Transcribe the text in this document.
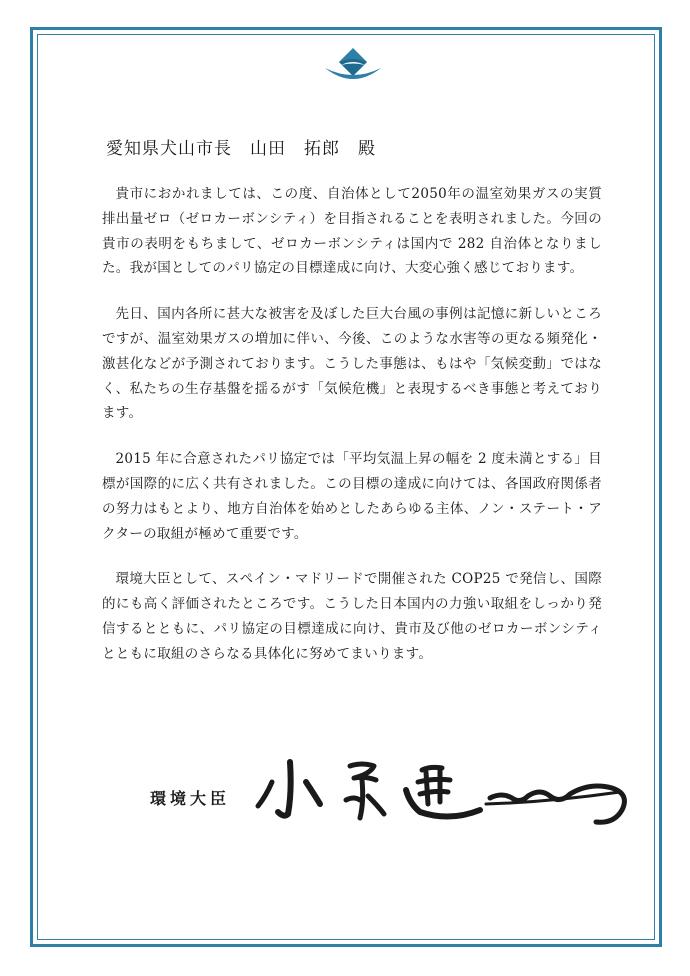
愛知県犬山市長　山田　拓郎　殿

貴市におかれましては、この度、自治体として2050年の温室効果ガスの実質排出量ゼロ（ゼロカーボンシティ）を目指されることを表明されました。今回の貴市の表明をもちまして、ゼロカーボンシティは国内で 282 自治体となりました。我が国としてのパリ協定の目標達成に向け、大変心強く感じております。

先日、国内各所に甚大な被害を及ぼした巨大台風の事例は記憶に新しいところですが、温室効果ガスの増加に伴い、今後、このような水害等の更なる頻発化・激甚化などが予測されております。こうした事態は、もはや「気候変動」ではなく、私たちの生存基盤を揺るがす「気候危機」と表現するべき事態と考えております。

2015 年に合意されたパリ協定では「平均気温上昇の幅を 2 度未満とする」目標が国際的に広く共有されました。この目標の達成に向けては、各国政府関係者の努力はもとより、地方自治体を始めとしたあらゆる主体、ノン・ステート・アクターの取組が極めて重要です。

環境大臣として、スペイン・マドリードで開催された COP25 で発信し、国際的にも高く評価されたところです。こうした日本国内の力強い取組をしっかり発信するとともに、パリ協定の目標達成に向け、貴市及び他のゼロカーボンシティとともに取組のさらなる具体化に努めてまいります。

環境大臣
